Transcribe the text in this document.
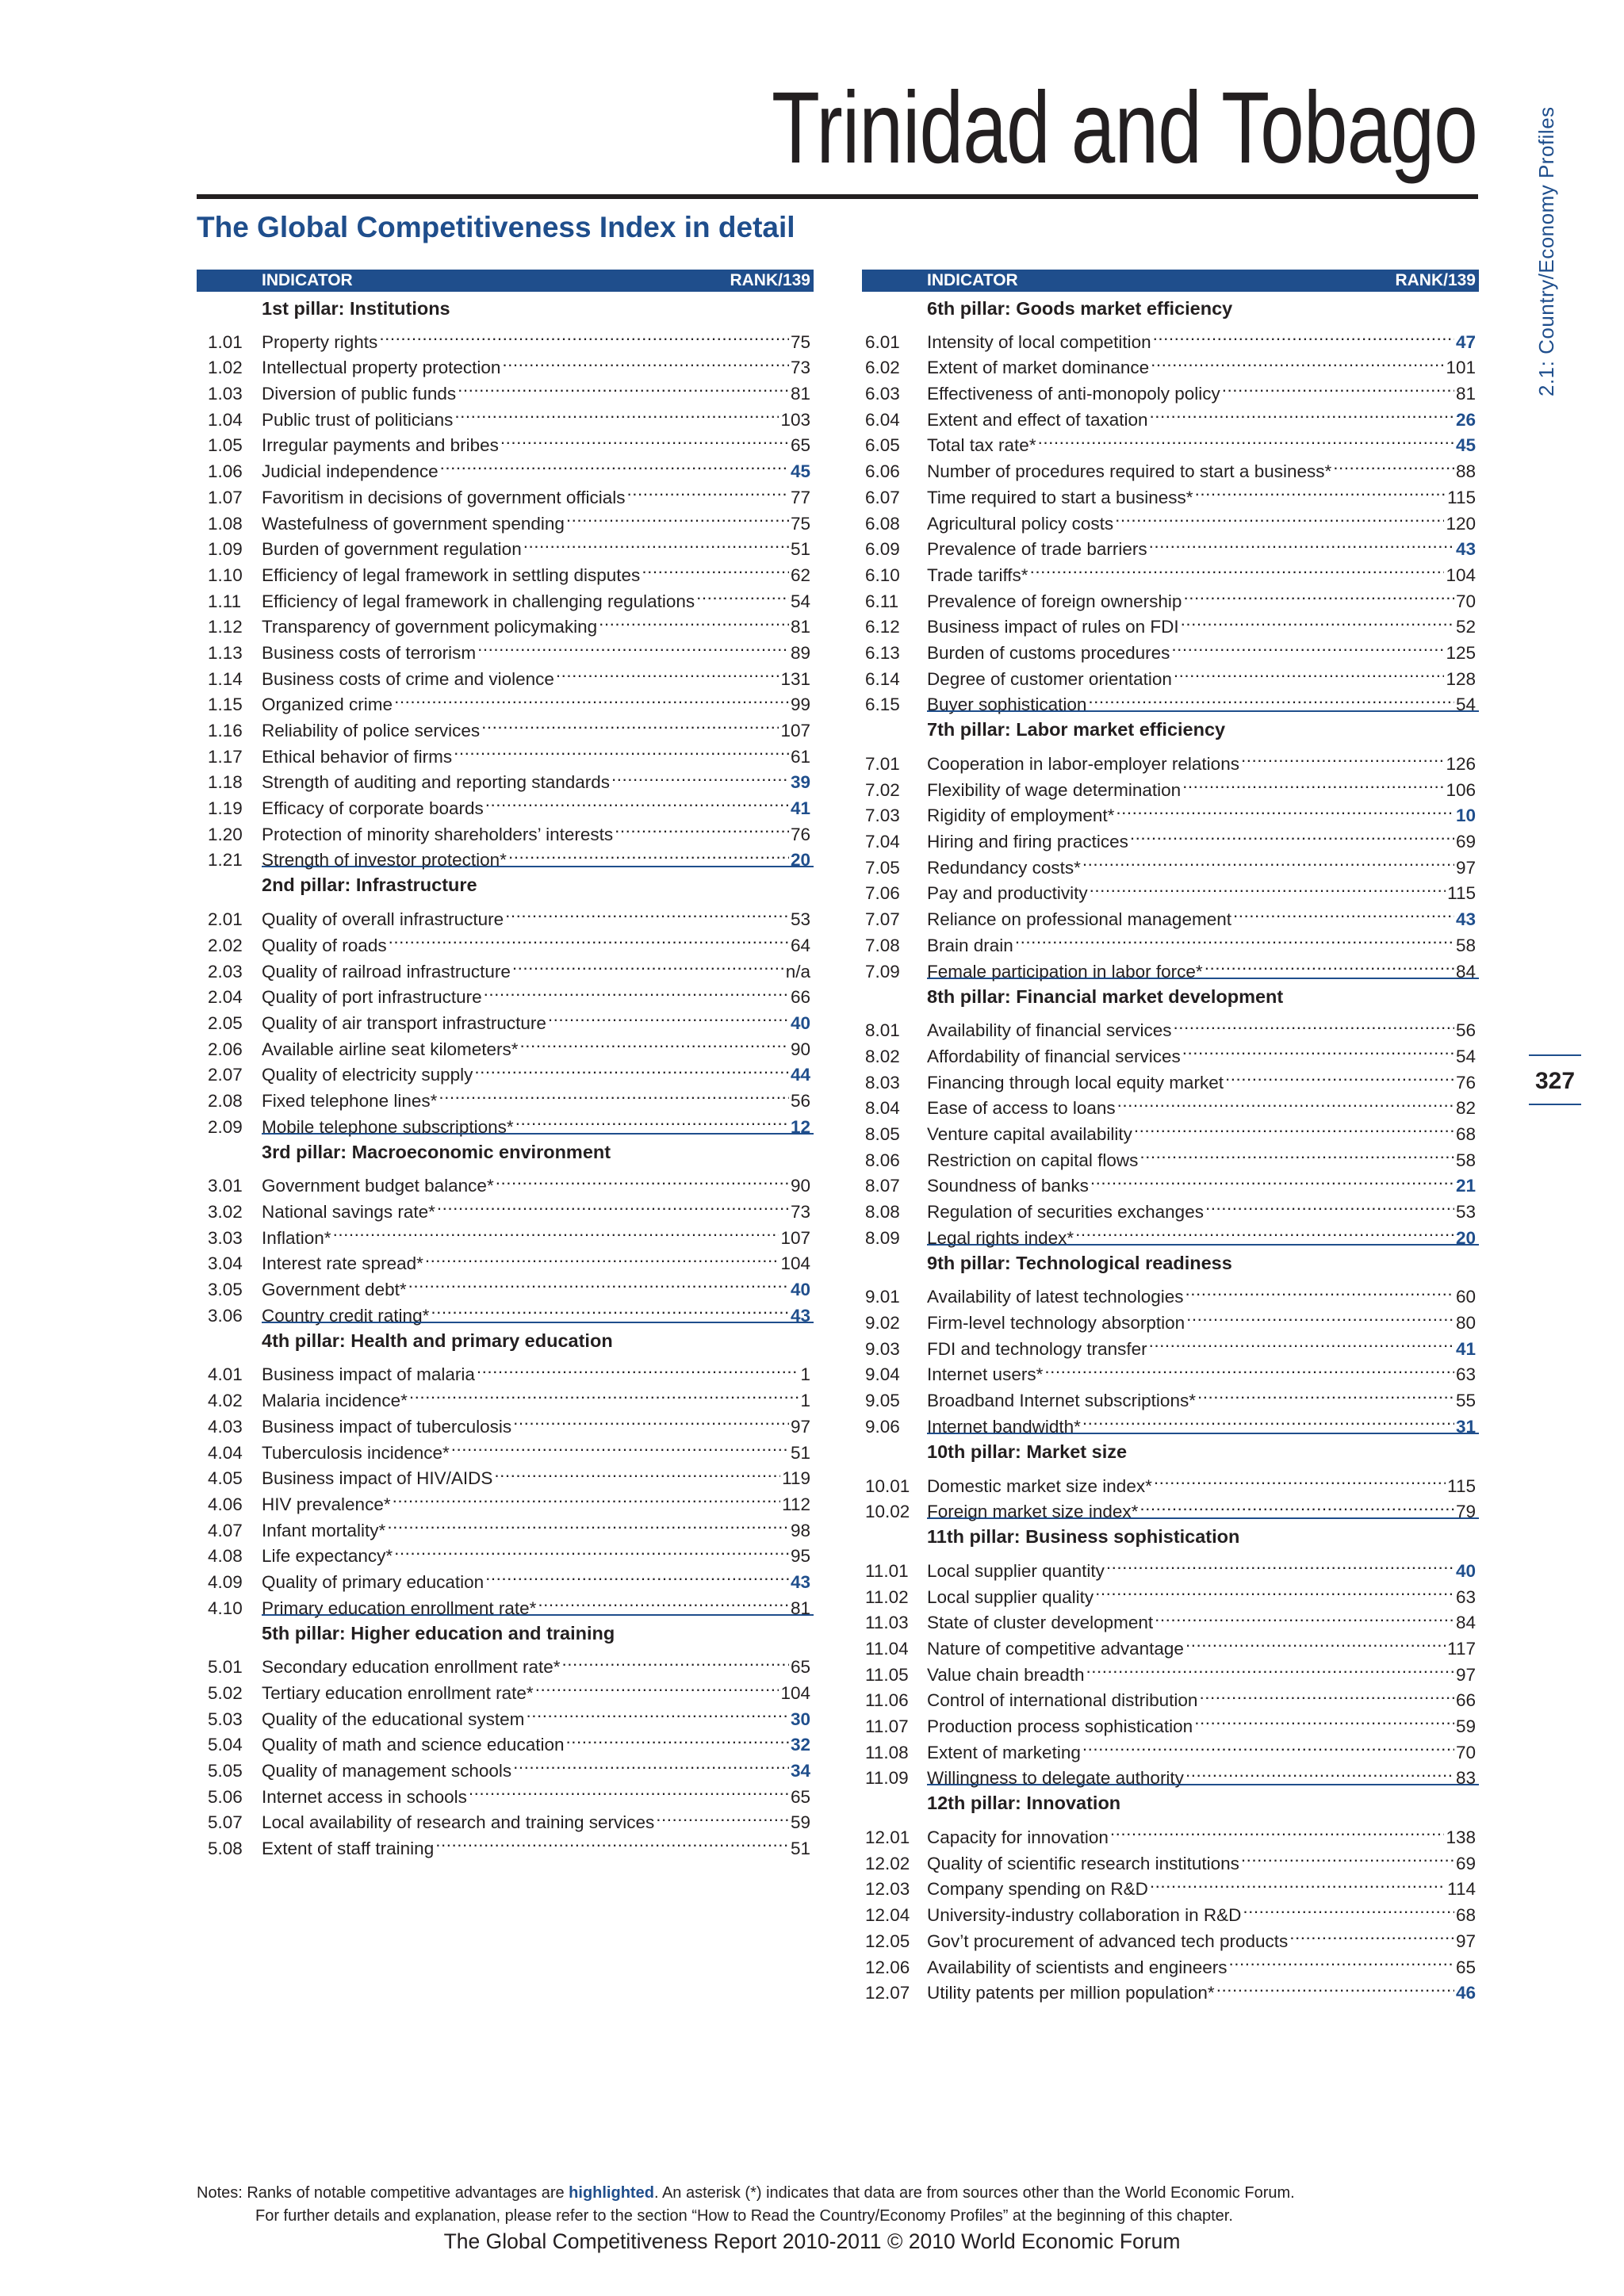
Trinidad and Tobago	2.1: Country/Economy Profiles
327
The Global Competitiveness Index in detail
INDICATOR	RANK/139
1st pillar: Institutions
1.01	Property rights .....	75
1.02	Intellectual property protection .....	73
1.03	Diversion of public funds .....	81
1.04	Public trust of politicians .....	103
1.05	Irregular payments and bribes .....	65
1.06	Judicial independence .....	45
1.07	Favoritism in decisions of government officials .....	77
1.08	Wastefulness of government spending .....	75
1.09	Burden of government regulation .....	51
1.10	Efficiency of legal framework in settling disputes .....	62
1.11	Efficiency of legal framework in challenging regulations .....	54
1.12	Transparency of government policymaking .....	81
1.13	Business costs of terrorism .....	89
1.14	Business costs of crime and violence .....	131
1.15	Organized crime .....	99
1.16	Reliability of police services .....	107
1.17	Ethical behavior of firms .....	61
1.18	Strength of auditing and reporting standards .....	39
1.19	Efficacy of corporate boards .....	41
1.20	Protection of minority shareholders’ interests .....	76
1.21	Strength of investor protection* .....	20
2nd pillar: Infrastructure
2.01	Quality of overall infrastructure .....	53
2.02	Quality of roads .....	64
2.03	Quality of railroad infrastructure .....	n/a
2.04	Quality of port infrastructure .....	66
2.05	Quality of air transport infrastructure .....	40
2.06	Available airline seat kilometers* .....	90
2.07	Quality of electricity supply .....	44
2.08	Fixed telephone lines* .....	56
2.09	Mobile telephone subscriptions* .....	12
3rd pillar: Macroeconomic environment
3.01	Government budget balance* .....	90
3.02	National savings rate* .....	73
3.03	Inflation* .....	107
3.04	Interest rate spread* .....	104
3.05	Government debt* .....	40
3.06	Country credit rating* .....	43
4th pillar: Health and primary education
4.01	Business impact of malaria .....	1
4.02	Malaria incidence* .....	1
4.03	Business impact of tuberculosis .....	97
4.04	Tuberculosis incidence* .....	51
4.05	Business impact of HIV/AIDS .....	119
4.06	HIV prevalence* .....	112
4.07	Infant mortality* .....	98
4.08	Life expectancy* .....	95
4.09	Quality of primary education .....	43
4.10	Primary education enrollment rate* .....	81
5th pillar: Higher education and training
5.01	Secondary education enrollment rate* .....	65
5.02	Tertiary education enrollment rate* .....	104
5.03	Quality of the educational system .....	30
5.04	Quality of math and science education .....	32
5.05	Quality of management schools .....	34
5.06	Internet access in schools .....	65
5.07	Local availability of research and training services .....	59
5.08	Extent of staff training .....	51
INDICATOR	RANK/139
6th pillar: Goods market efficiency
6.01	Intensity of local competition .....	47
6.02	Extent of market dominance .....	101
6.03	Effectiveness of anti-monopoly policy .....	81
6.04	Extent and effect of taxation .....	26
6.05	Total tax rate* .....	45
6.06	Number of procedures required to start a business* .....	88
6.07	Time required to start a business* .....	115
6.08	Agricultural policy costs .....	120
6.09	Prevalence of trade barriers .....	43
6.10	Trade tariffs* .....	104
6.11	Prevalence of foreign ownership .....	70
6.12	Business impact of rules on FDI .....	52
6.13	Burden of customs procedures .....	125
6.14	Degree of customer orientation .....	128
6.15	Buyer sophistication .....	54
7th pillar: Labor market efficiency
7.01	Cooperation in labor-employer relations .....	126
7.02	Flexibility of wage determination .....	106
7.03	Rigidity of employment* .....	10
7.04	Hiring and firing practices .....	69
7.05	Redundancy costs* .....	97
7.06	Pay and productivity .....	115
7.07	Reliance on professional management .....	43
7.08	Brain drain .....	58
7.09	Female participation in labor force* .....	84
8th pillar: Financial market development
8.01	Availability of financial services .....	56
8.02	Affordability of financial services .....	54
8.03	Financing through local equity market .....	76
8.04	Ease of access to loans .....	82
8.05	Venture capital availability .....	68
8.06	Restriction on capital flows .....	58
8.07	Soundness of banks .....	21
8.08	Regulation of securities exchanges .....	53
8.09	Legal rights index* .....	20
9th pillar: Technological readiness
9.01	Availability of latest technologies .....	60
9.02	Firm-level technology absorption .....	80
9.03	FDI and technology transfer .....	41
9.04	Internet users* .....	63
9.05	Broadband Internet subscriptions* .....	55
9.06	Internet bandwidth* .....	31
10th pillar: Market size
10.01 Domestic market size index* .....	115
10.02 Foreign market size index* .....	79
11th pillar: Business sophistication
11.01	Local supplier quantity .....	40
11.02	Local supplier quality .....	63
11.03	State of cluster development .....	84
11.04	Nature of competitive advantage .....	117
11.05	Value chain breadth .....	97
11.06	Control of international distribution .....	66
11.07	Production process sophistication .....	59
11.08	Extent of marketing .....	70
11.09	Willingness to delegate authority .....	83
12th pillar: Innovation
12.01 Capacity for innovation .....	138
12.02 Quality of scientific research institutions .....	69
12.03 Company spending on R&D .....	114
12.04 University-industry collaboration in R&D .....	68
12.05 Gov’t procurement of advanced tech products .....	97
12.06 Availability of scientists and engineers .....	65
12.07 Utility patents per million population* .....	46
Notes: Ranks of notable competitive advantages are highlighted. An asterisk (*) indicates that data are from sources other than the World Economic Forum.
For further details and explanation, please refer to the section “How to Read the Country/Economy Profiles” at the beginning of this chapter.
The Global Competitiveness Report 2010-2011 © 2010 World Economic Forum
